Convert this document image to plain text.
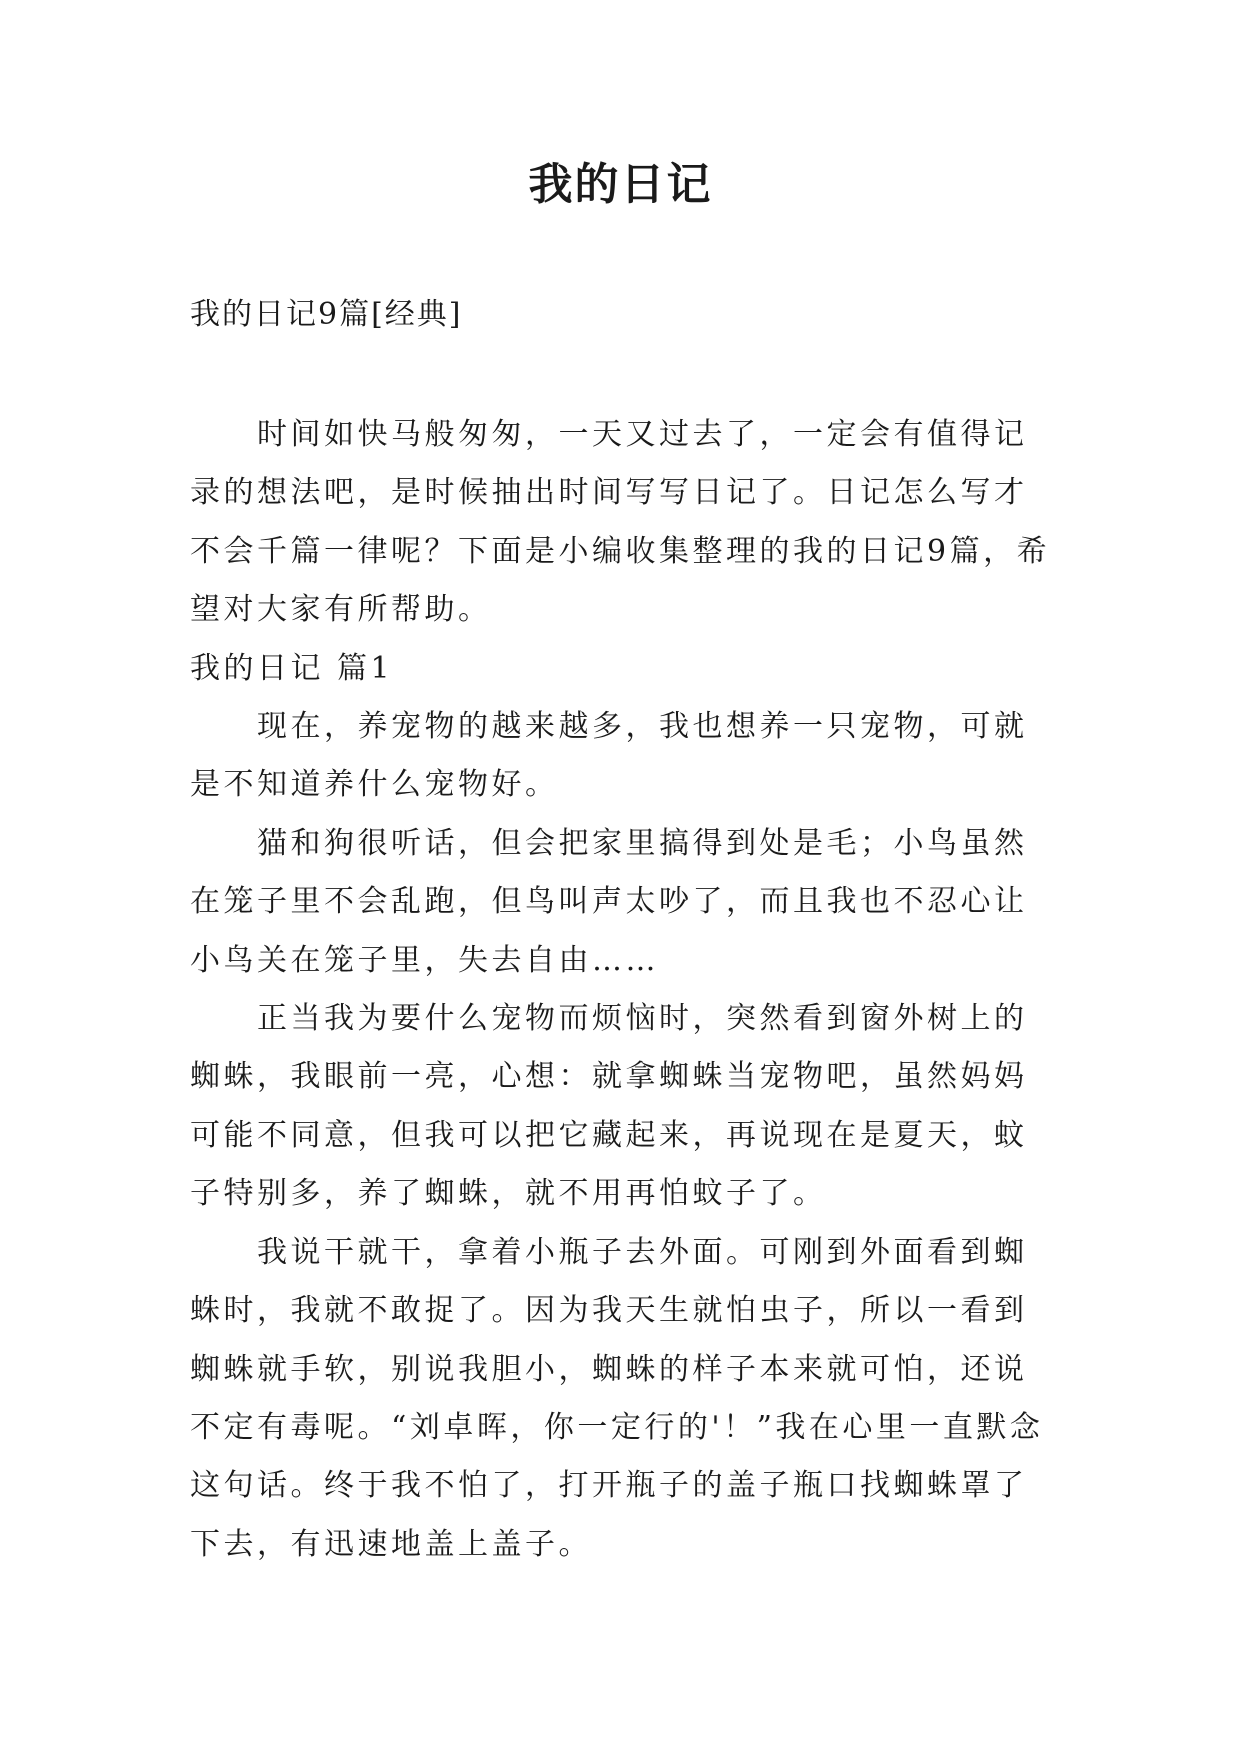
我的日记
我的日记9篇[经典]

时间如快马般匆匆，一天又过去了，一定会有值得记录的想法吧，是时候抽出时间写写日记了。日记怎么写才不会千篇一律呢？下面是小编收集整理的我的日记9篇，希望对大家有所帮助。

我的日记 篇1

现在，养宠物的越来越多，我也想养一只宠物，可就是不知道养什么宠物好。

猫和狗很听话，但会把家里搞得到处是毛；小鸟虽然在笼子里不会乱跑，但鸟叫声太吵了，而且我也不忍心让小鸟关在笼子里，失去自由……

正当我为要什么宠物而烦恼时，突然看到窗外树上的蜘蛛，我眼前一亮，心想：就拿蜘蛛当宠物吧，虽然妈妈可能不同意，但我可以把它藏起来，再说现在是夏天，蚊子特别多，养了蜘蛛，就不用再怕蚊子了。

我说干就干，拿着小瓶子去外面。可刚到外面看到蜘蛛时，我就不敢捉了。因为我天生就怕虫子，所以一看到蜘蛛就手软，别说我胆小，蜘蛛的样子本来就可怕，还说不定有毒呢。“刘卓晖，你一定行的'！”我在心里一直默念这句话。终于我不怕了，打开瓶子的盖子瓶口找蜘蛛罩了下去，有迅速地盖上盖子。
